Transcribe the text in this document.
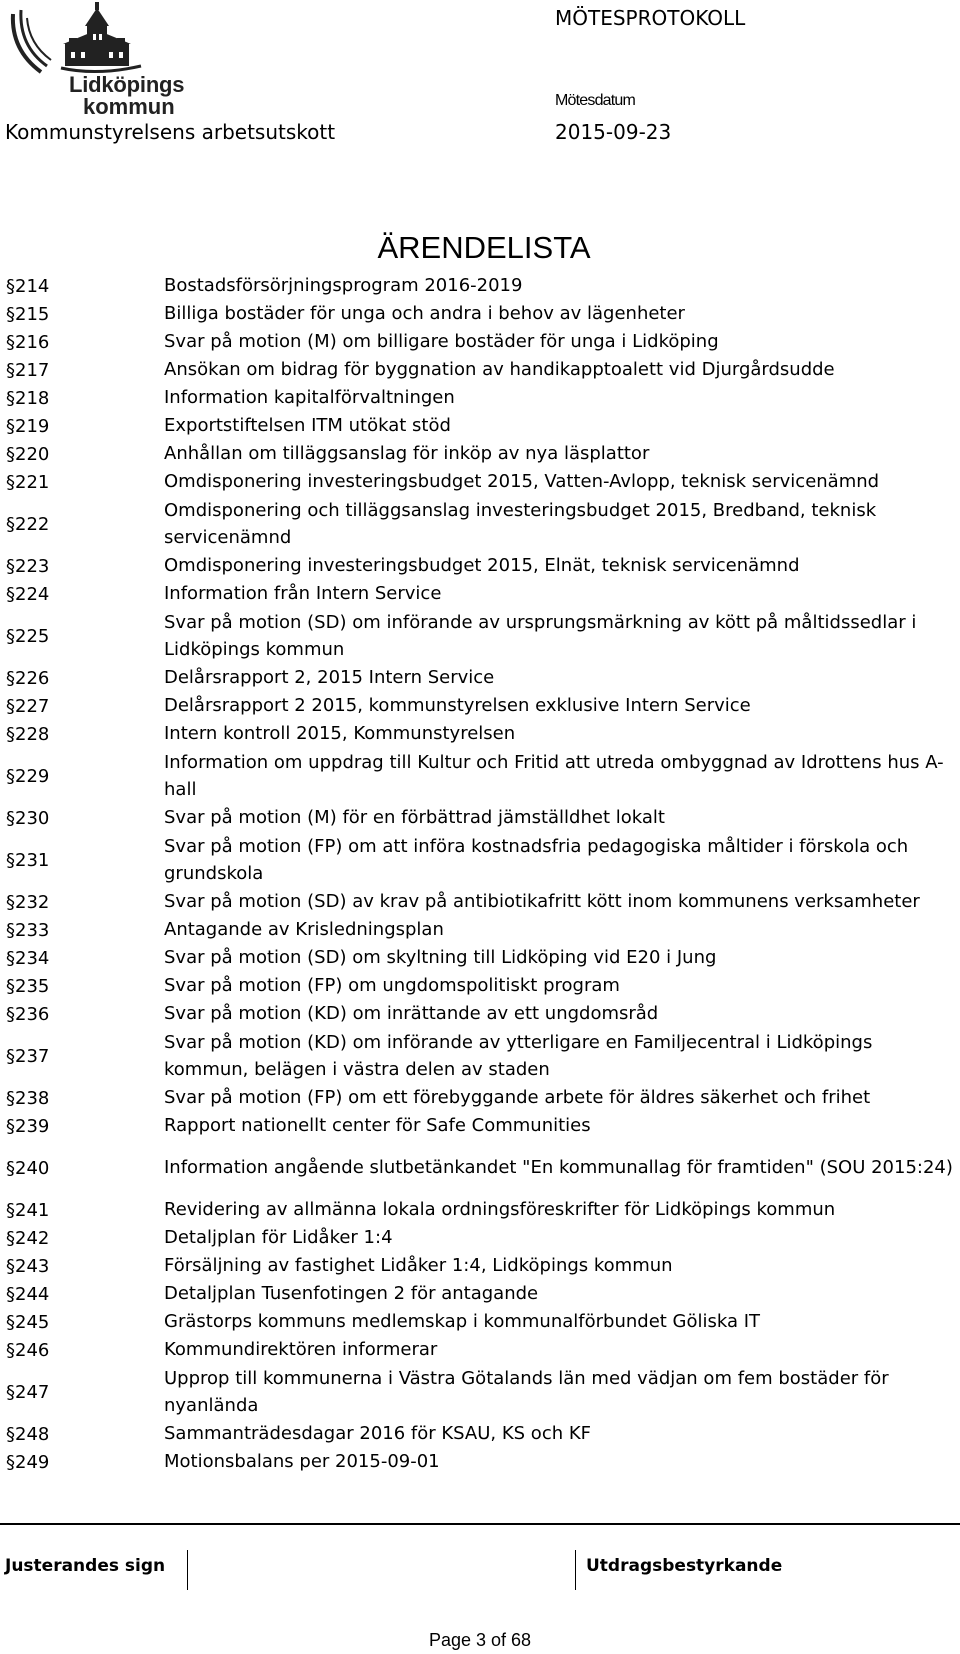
Lidköpings
kommun
MÖTESPROTOKOLL
Mötesdatum
Kommunstyrelsens arbetsutskott	2015-09-23
ÄRENDELISTA
§214	Bostadsförsörjningsprogram 2016-2019
§215	Billiga bostäder för unga och andra i behov av lägenheter
§216	Svar på motion (M) om billigare bostäder för unga i Lidköping
§217	Ansökan om bidrag för byggnation av handikapptoalett vid Djurgårdsudde
§218	Information kapitalförvaltningen
§219	Exportstiftelsen ITM utökat stöd
§220	Anhållan om tilläggsanslag för inköp av nya läsplattor
§221	Omdisponering investeringsbudget 2015, Vatten-Avlopp, teknisk servicenämnd
§222
Omdisponering och tilläggsanslag investeringsbudget 2015, Bredband, teknisk servicenämnd
§223	Omdisponering investeringsbudget 2015, Elnät, teknisk servicenämnd
§224	Information från Intern Service
§225
Svar på motion (SD) om införande av ursprungsmärkning av kött på måltidssedlar i Lidköpings kommun
§226	Delårsrapport 2, 2015 Intern Service
§227	Delårsrapport 2 2015, kommunstyrelsen exklusive Intern Service
§228	Intern kontroll 2015, Kommunstyrelsen
§229
Information om uppdrag till Kultur och Fritid att utreda ombyggnad av Idrottens hus A-hall
§230	Svar på motion (M) för en förbättrad jämställdhet lokalt
§231
Svar på motion (FP) om att införa kostnadsfria pedagogiska måltider i förskola och grundskola
§232	Svar på motion (SD) av krav på antibiotikafritt kött inom kommunens verksamheter
§233	Antagande av Krisledningsplan
§234	Svar på motion (SD) om skyltning till Lidköping vid E20 i Jung
§235	Svar på motion (FP) om ungdomspolitiskt program
§236	Svar på motion (KD) om inrättande av ett ungdomsråd
§237
Svar på motion (KD) om införande av ytterligare en Familjecentral i Lidköpings kommun, belägen i västra delen av staden
§238	Svar på motion (FP) om ett förebyggande arbete för äldres säkerhet och frihet
§239	Rapport nationellt center för Safe Communities
§240	Information angående slutbetänkandet "En kommunallag för framtiden" (SOU 2015:24)
§241	Revidering av allmänna lokala ordningsföreskrifter för Lidköpings kommun
§242	Detaljplan för Lidåker 1:4
§243	Försäljning av fastighet Lidåker 1:4, Lidköpings kommun
§244	Detaljplan Tusenfotingen 2 för antagande
§245	Grästorps kommuns medlemskap i kommunalförbundet Göliska IT
§246	Kommundirektören informerar
§247
Upprop till kommunerna i Västra Götalands län med vädjan om fem bostäder för nyanlända
§248	Sammanträdesdagar 2016 för KSAU, KS och KF
§249	Motionsbalans per 2015-09-01
Justerandes sign	Utdragsbestyrkande
Page 3 of 68
